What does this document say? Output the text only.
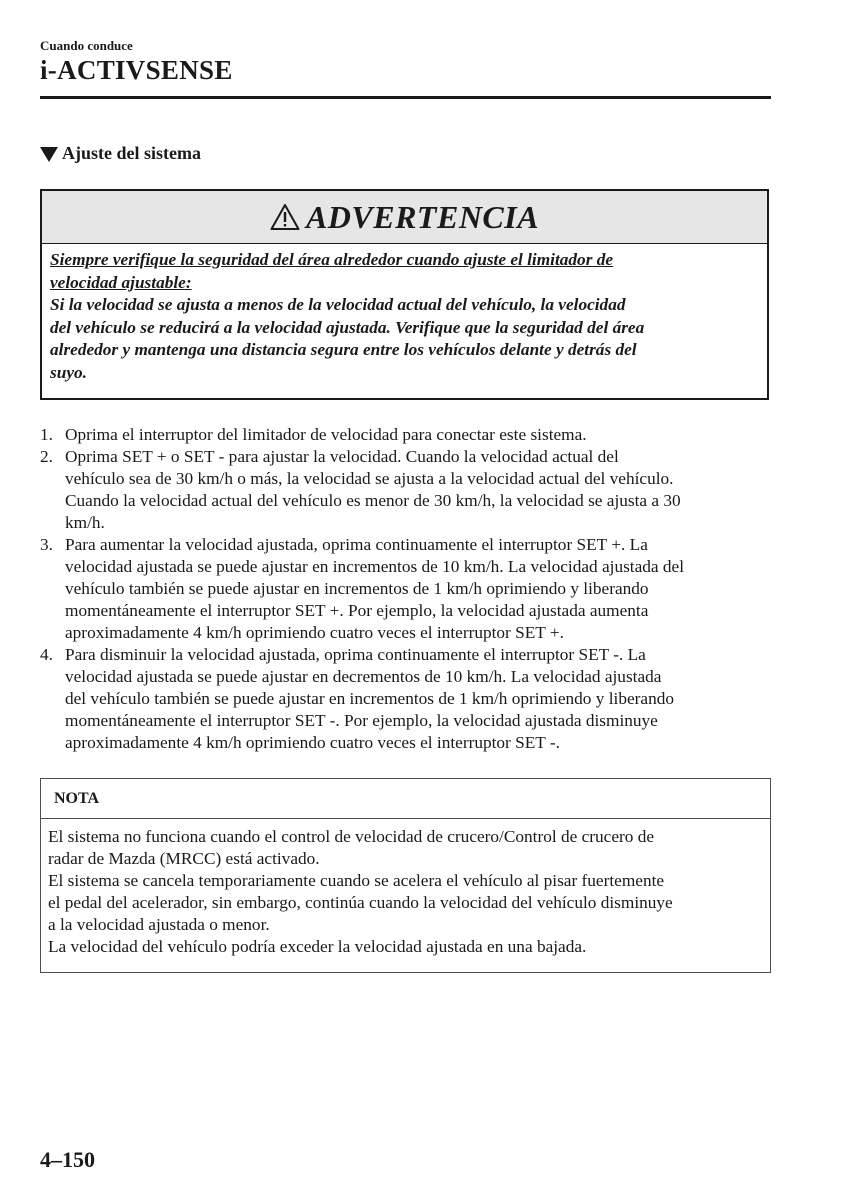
Cuando conduce
i-ACTIVSENSE
Ajuste del sistema
ADVERTENCIA
Siempre verifique la seguridad del área alrededor cuando ajuste el limitador de
velocidad ajustable:
Si la velocidad se ajusta a menos de la velocidad actual del vehículo, la velocidad
del vehículo se reducirá a la velocidad ajustada. Verifique que la seguridad del área
alrededor y mantenga una distancia segura entre los vehículos delante y detrás del
suyo.
1. Oprima el interruptor del limitador de velocidad para conectar este sistema.
2. Oprima SET + o SET - para ajustar la velocidad. Cuando la velocidad actual del
vehículo sea de 30 km/h o más, la velocidad se ajusta a la velocidad actual del vehículo.
Cuando la velocidad actual del vehículo es menor de 30 km/h, la velocidad se ajusta a 30
km/h.
3. Para aumentar la velocidad ajustada, oprima continuamente el interruptor SET +. La
velocidad ajustada se puede ajustar en incrementos de 10 km/h. La velocidad ajustada del
vehículo también se puede ajustar en incrementos de 1 km/h oprimiendo y liberando
momentáneamente el interruptor SET +. Por ejemplo, la velocidad ajustada aumenta
aproximadamente 4 km/h oprimiendo cuatro veces el interruptor SET +.
4. Para disminuir la velocidad ajustada, oprima continuamente el interruptor SET -. La
velocidad ajustada se puede ajustar en decrementos de 10 km/h. La velocidad ajustada
del vehículo también se puede ajustar en incrementos de 1 km/h oprimiendo y liberando
momentáneamente el interruptor SET -. Por ejemplo, la velocidad ajustada disminuye
aproximadamente 4 km/h oprimiendo cuatro veces el interruptor SET -.
NOTA

El sistema no funciona cuando el control de velocidad de crucero/Control de crucero de
radar de Mazda (MRCC) está activado.

El sistema se cancela temporariamente cuando se acelera el vehículo al pisar fuertemente
el pedal del acelerador, sin embargo, continúa cuando la velocidad del vehículo disminuye
a la velocidad ajustada o menor.

La velocidad del vehículo podría exceder la velocidad ajustada en una bajada.

4–150
